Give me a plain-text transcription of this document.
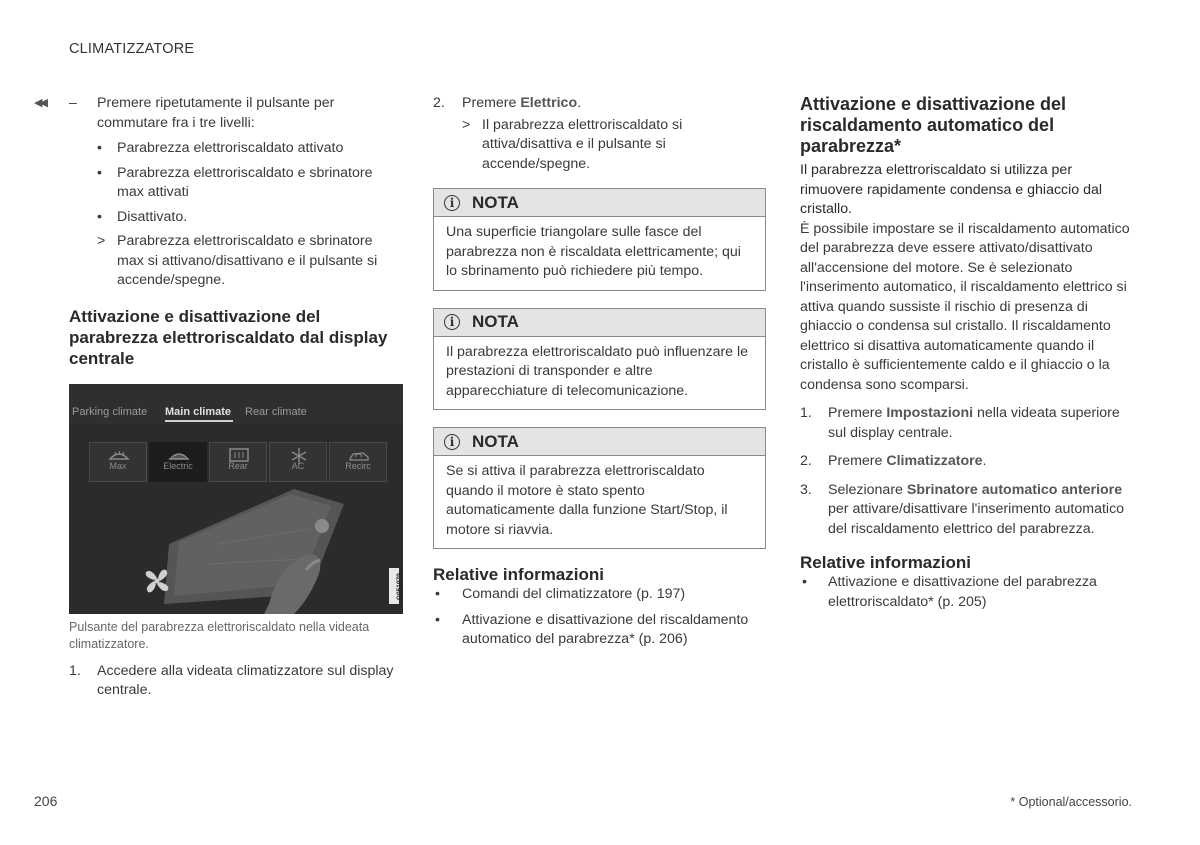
CLIMATIZZATORE
◀◀ – Premere ripetutamente il pulsante per commutare fra i tre livelli:
• Parabrezza elettroriscaldato attivato
• Parabrezza elettroriscaldato e sbrinatore max attivati
• Disattivato.
> Parabrezza elettroriscaldato e sbrinatore max si attivano/disattivano e il pulsante si accende/spegne.
Attivazione e disattivazione del parabrezza elettroriscaldato dal display centrale
Parking climate Main climate Rear climate
Max	Electric	Rear	AC	Recirc
G051979
Pulsante del parabrezza elettroriscaldato nella videata climatizzatore.
1. Accedere alla videata climatizzatore sul display centrale.
2. Premere Elettrico.
> Il parabrezza elettroriscaldato si attiva/disattiva e il pulsante si accende/spegne.
i	NOTA
Una superficie triangolare sulle fasce del parabrezza non è riscaldata elettricamente; qui lo sbrinamento può richiedere più tempo.
i	NOTA
Il parabrezza elettroriscaldato può influenzare le prestazioni di transponder e altre apparecchiature di telecomunicazione.
i	NOTA
Se si attiva il parabrezza elettroriscaldato quando il motore è stato spento automaticamente dalla funzione Start/Stop, il motore si riavvia.
Relative informazioni
• Comandi del climatizzatore (p. 197)
• Attivazione e disattivazione del riscaldamento automatico del parabrezza* (p. 206)
Attivazione e disattivazione del riscaldamento automatico del parabrezza*
Il parabrezza elettroriscaldato si utilizza per rimuovere rapidamente condensa e ghiaccio dal cristallo.
È possibile impostare se il riscaldamento automatico del parabrezza deve essere attivato/disattivato all'accensione del motore. Se è selezionato l'inserimento automatico, il riscaldamento elettrico si attiva quando sussiste il rischio di presenza di ghiaccio o condensa sul cristallo. Il riscaldamento elettrico si disattiva automaticamente quando il cristallo è sufficientemente caldo e il ghiaccio o la condensa sono scomparsi.
1. Premere Impostazioni nella videata superiore sul display centrale.
2. Premere Climatizzatore.
3. Selezionare Sbrinatore automatico anteriore per attivare/disattivare l'inserimento automatico del riscaldamento elettrico del parabrezza.
Relative informazioni
• Attivazione e disattivazione del parabrezza elettroriscaldato* (p. 205)
206	* Optional/accessorio.
